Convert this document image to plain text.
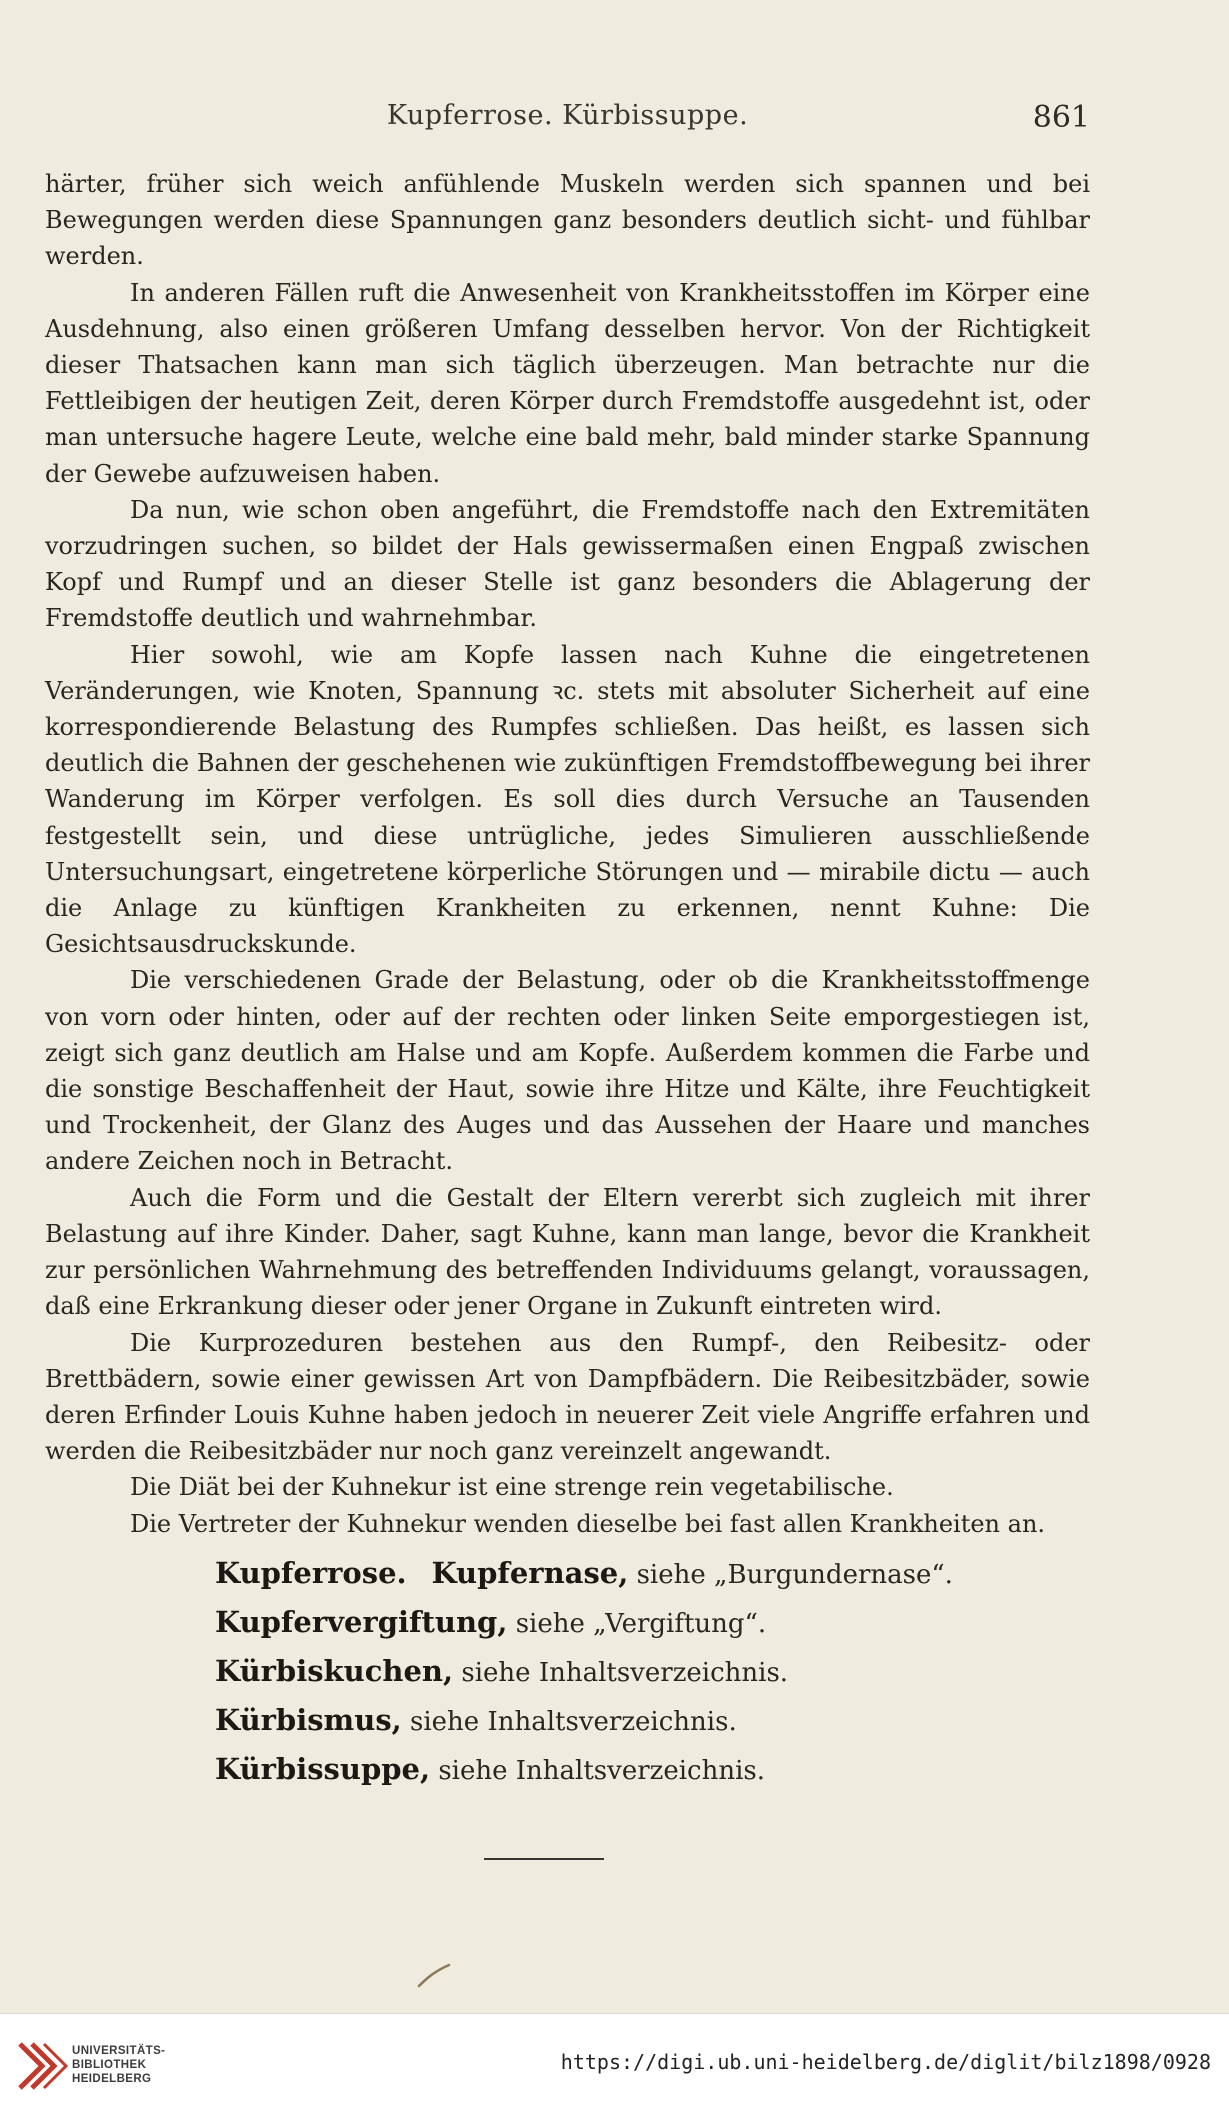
Kupferrose. Kürbissuppe.	861

härter, früher sich weich anfühlende Muskeln werden sich spannen und bei Bewegungen werden diese Spannungen ganz besonders deutlich sicht- und fühlbar werden.

In anderen Fällen ruft die Anwesenheit von Krankheitsstoffen im Körper eine Ausdehnung, also einen größeren Umfang desselben hervor. Von der Richtigkeit dieser Thatsachen kann man sich täglich überzeugen. Man betrachte nur die Fettleibigen der heutigen Zeit, deren Körper durch Fremdstoffe ausgedehnt ist, oder man untersuche hagere Leute, welche eine bald mehr, bald minder starke Spannung der Gewebe aufzuweisen haben.

Da nun, wie schon oben angeführt, die Fremdstoffe nach den Extremitäten vorzudringen suchen, so bildet der Hals gewissermaßen einen Engpaß zwischen Kopf und Rumpf und an dieser Stelle ist ganz besonders die Ablagerung der Fremdstoffe deutlich und wahrnehmbar.

Hier sowohl, wie am Kopfe lassen nach Kuhne die eingetretenen Veränderungen, wie Knoten, Spannung ꝛc. stets mit absoluter Sicherheit auf eine korrespondierende Belastung des Rumpfes schließen. Das heißt, es lassen sich deutlich die Bahnen der geschehenen wie zukünftigen Fremdstoffbewegung bei ihrer Wanderung im Körper verfolgen. Es soll dies durch Versuche an Tausenden festgestellt sein, und diese untrügliche, jedes Simulieren ausschließende Untersuchungsart, eingetretene körperliche Störungen und — mirabile dictu — auch die Anlage zu künftigen Krankheiten zu erkennen, nennt Kuhne: Die Gesichtsausdruckskunde.

Die verschiedenen Grade der Belastung, oder ob die Krankheitsstoffmenge von vorn oder hinten, oder auf der rechten oder linken Seite emporgestiegen ist, zeigt sich ganz deutlich am Halse und am Kopfe. Außerdem kommen die Farbe und die sonstige Beschaffenheit der Haut, sowie ihre Hitze und Kälte, ihre Feuchtigkeit und Trockenheit, der Glanz des Auges und das Aussehen der Haare und manches andere Zeichen noch in Betracht.

Auch die Form und die Gestalt der Eltern vererbt sich zugleich mit ihrer Belastung auf ihre Kinder. Daher, sagt Kuhne, kann man lange, bevor die Krankheit zur persönlichen Wahrnehmung des betreffenden Individuums gelangt, voraussagen, daß eine Erkrankung dieser oder jener Organe in Zukunft eintreten wird.

Die Kurprozeduren bestehen aus den Rumpf-, den Reibesitz- oder Brettbädern, sowie einer gewissen Art von Dampfbädern. Die Reibesitzbäder, sowie deren Erfinder Louis Kuhne haben jedoch in neuerer Zeit viele Angriffe erfahren und werden die Reibesitzbäder nur noch ganz vereinzelt angewandt.

Die Diät bei der Kuhnekur ist eine strenge rein vegetabilische.

Die Vertreter der Kuhnekur wenden dieselbe bei fast allen Krankheiten an.

Kupferrose. Kupfernase, siehe „Burgundernase“.

Kupfervergiftung, siehe „Vergiftung“.

Kürbiskuchen, siehe Inhaltsverzeichnis.

Kürbismus, siehe Inhaltsverzeichnis.

Kürbissuppe, siehe Inhaltsverzeichnis.

UNIVERSITÄTS-
BIBLIOTHEK
HEIDELBERG
https://digi.ub.uni-heidelberg.de/diglit/bilz1898/0928
